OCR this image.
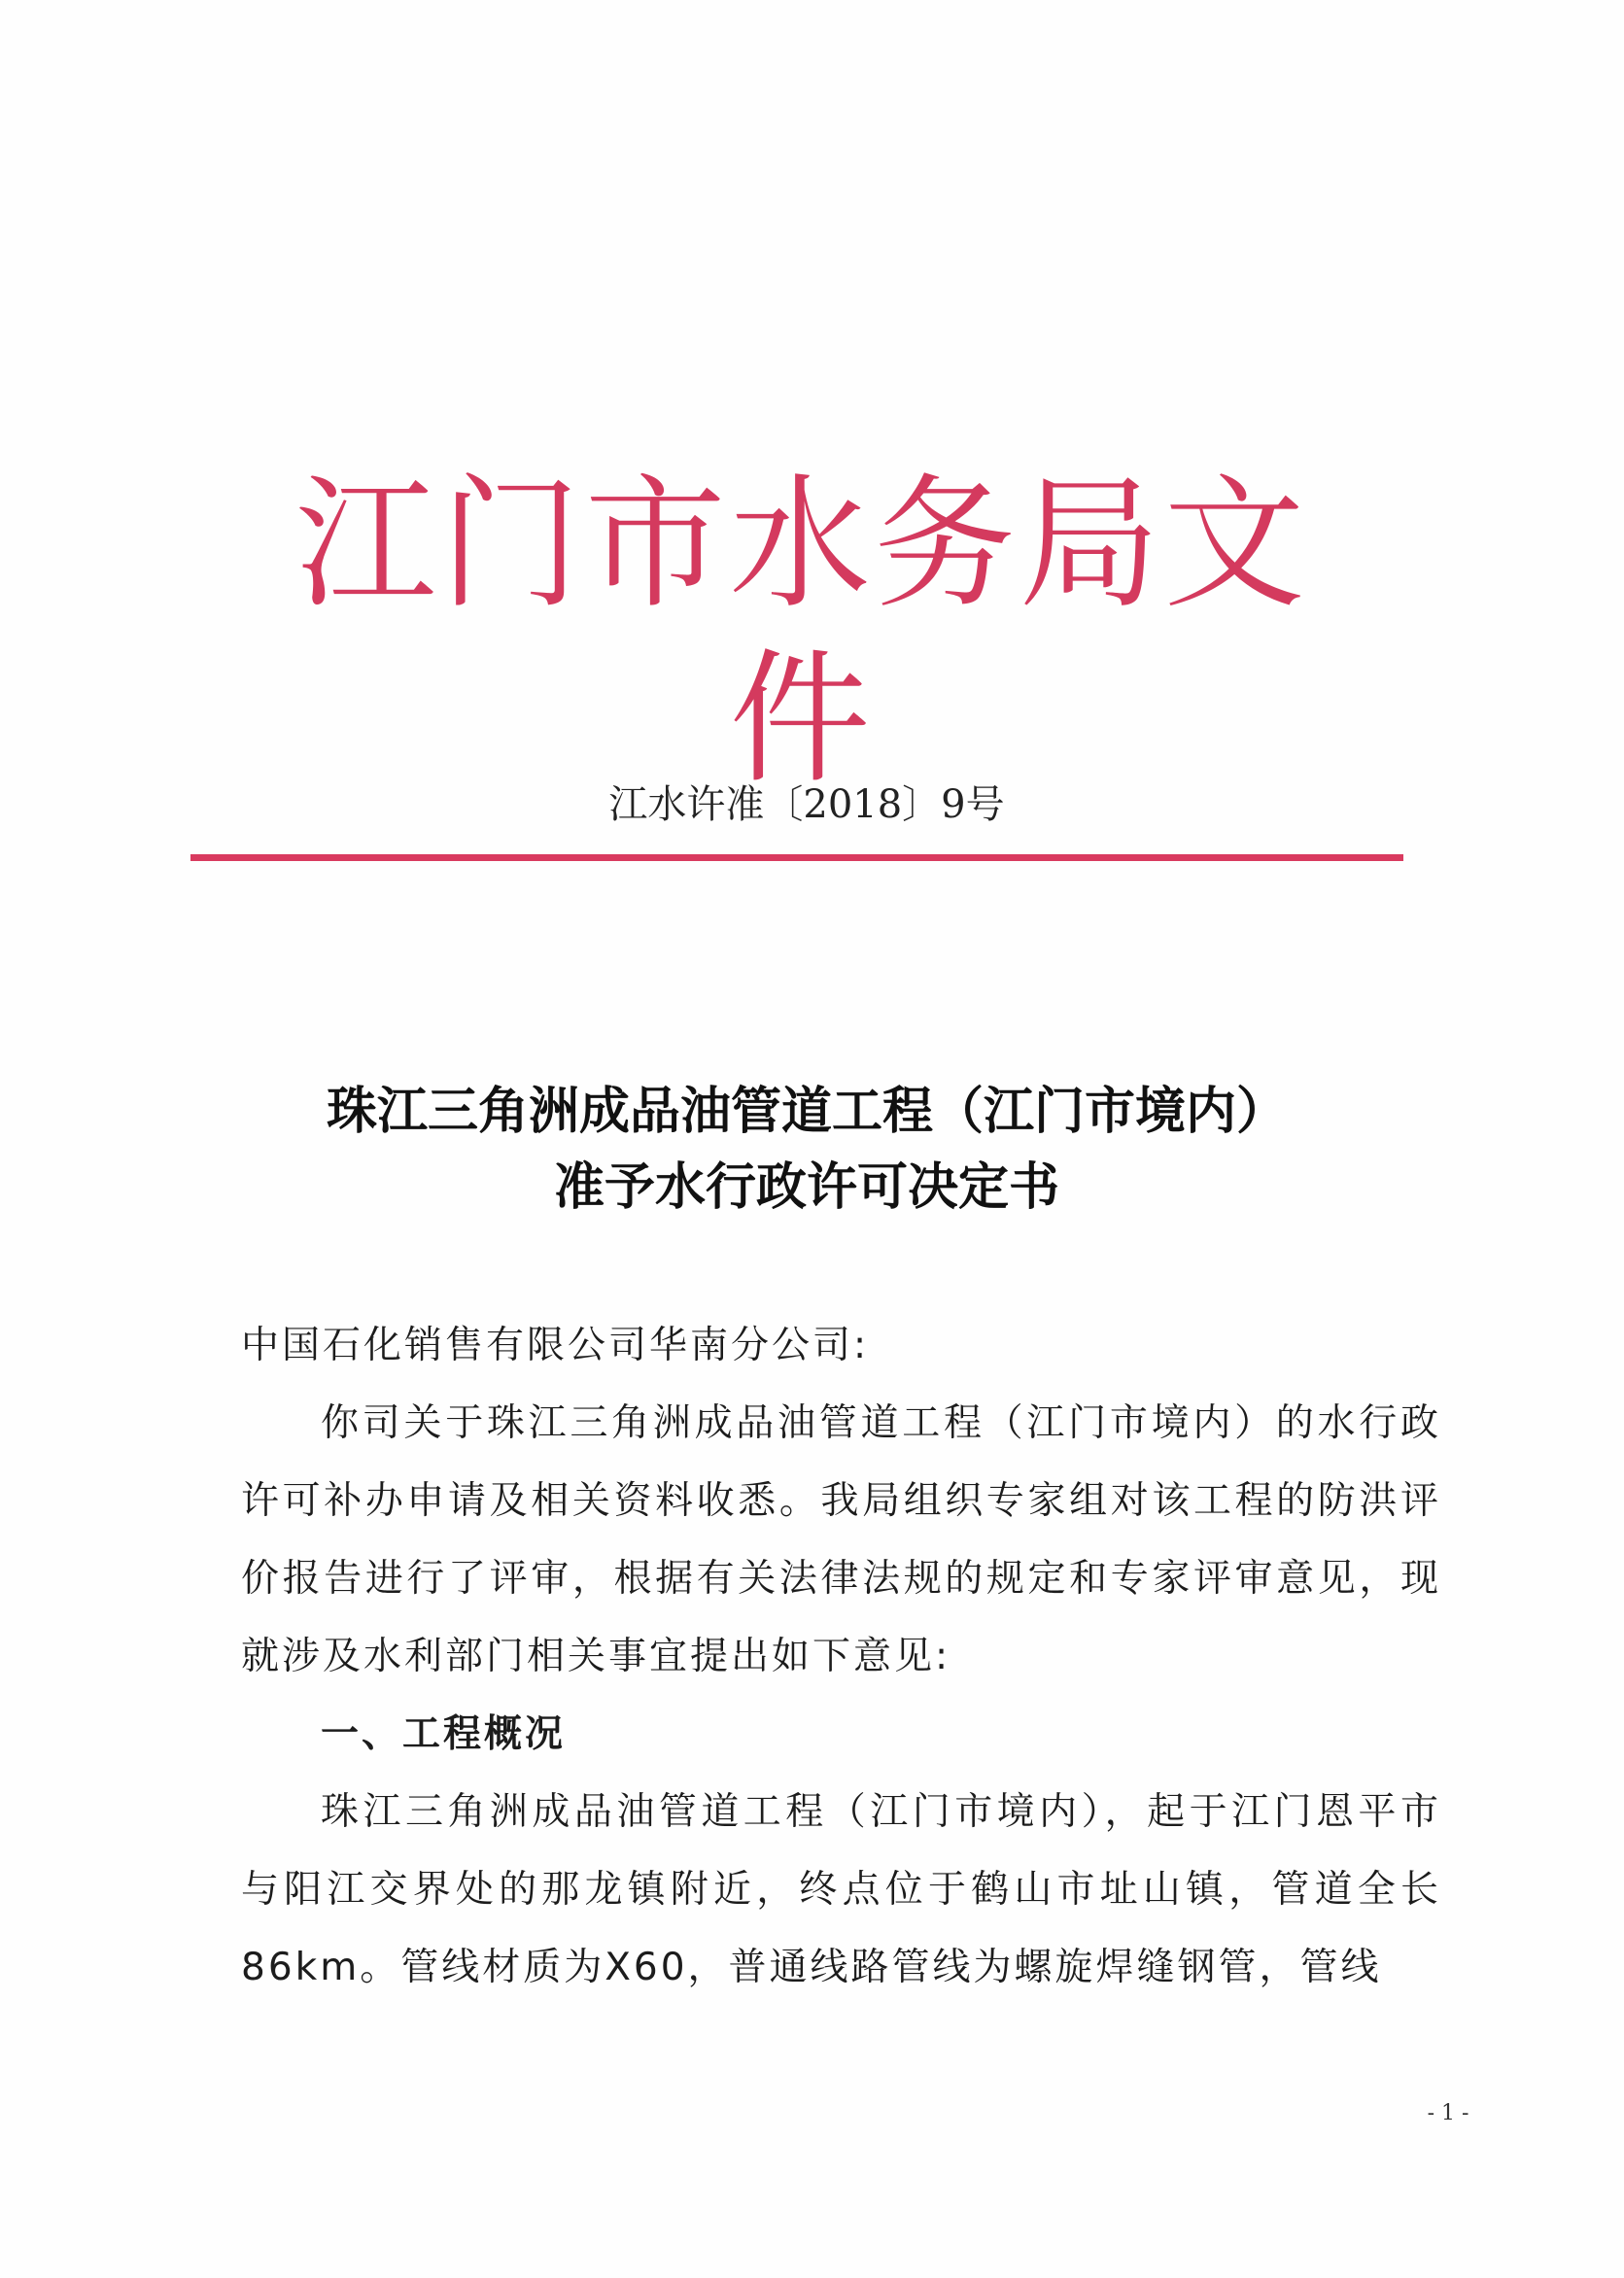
江门市水务局文件
江水许准〔2018〕9号
珠江三角洲成品油管道工程（江门市境内）
准予水行政许可决定书

中国石化销售有限公司华南分公司:

你司关于珠江三角洲成品油管道工程（江门市境内）的水行政许可补办申请及相关资料收悉。我局组织专家组对该工程的防洪评价报告进行了评审，根据有关法律法规的规定和专家评审意见，现就涉及水利部门相关事宜提出如下意见:

一、工程概况

珠江三角洲成品油管道工程（江门市境内），起于江门恩平市与阳江交界处的那龙镇附近，终点位于鹤山市址山镇，管道全长86km。管线材质为X60，普通线路管线为螺旋焊缝钢管，管线

- 1 -
